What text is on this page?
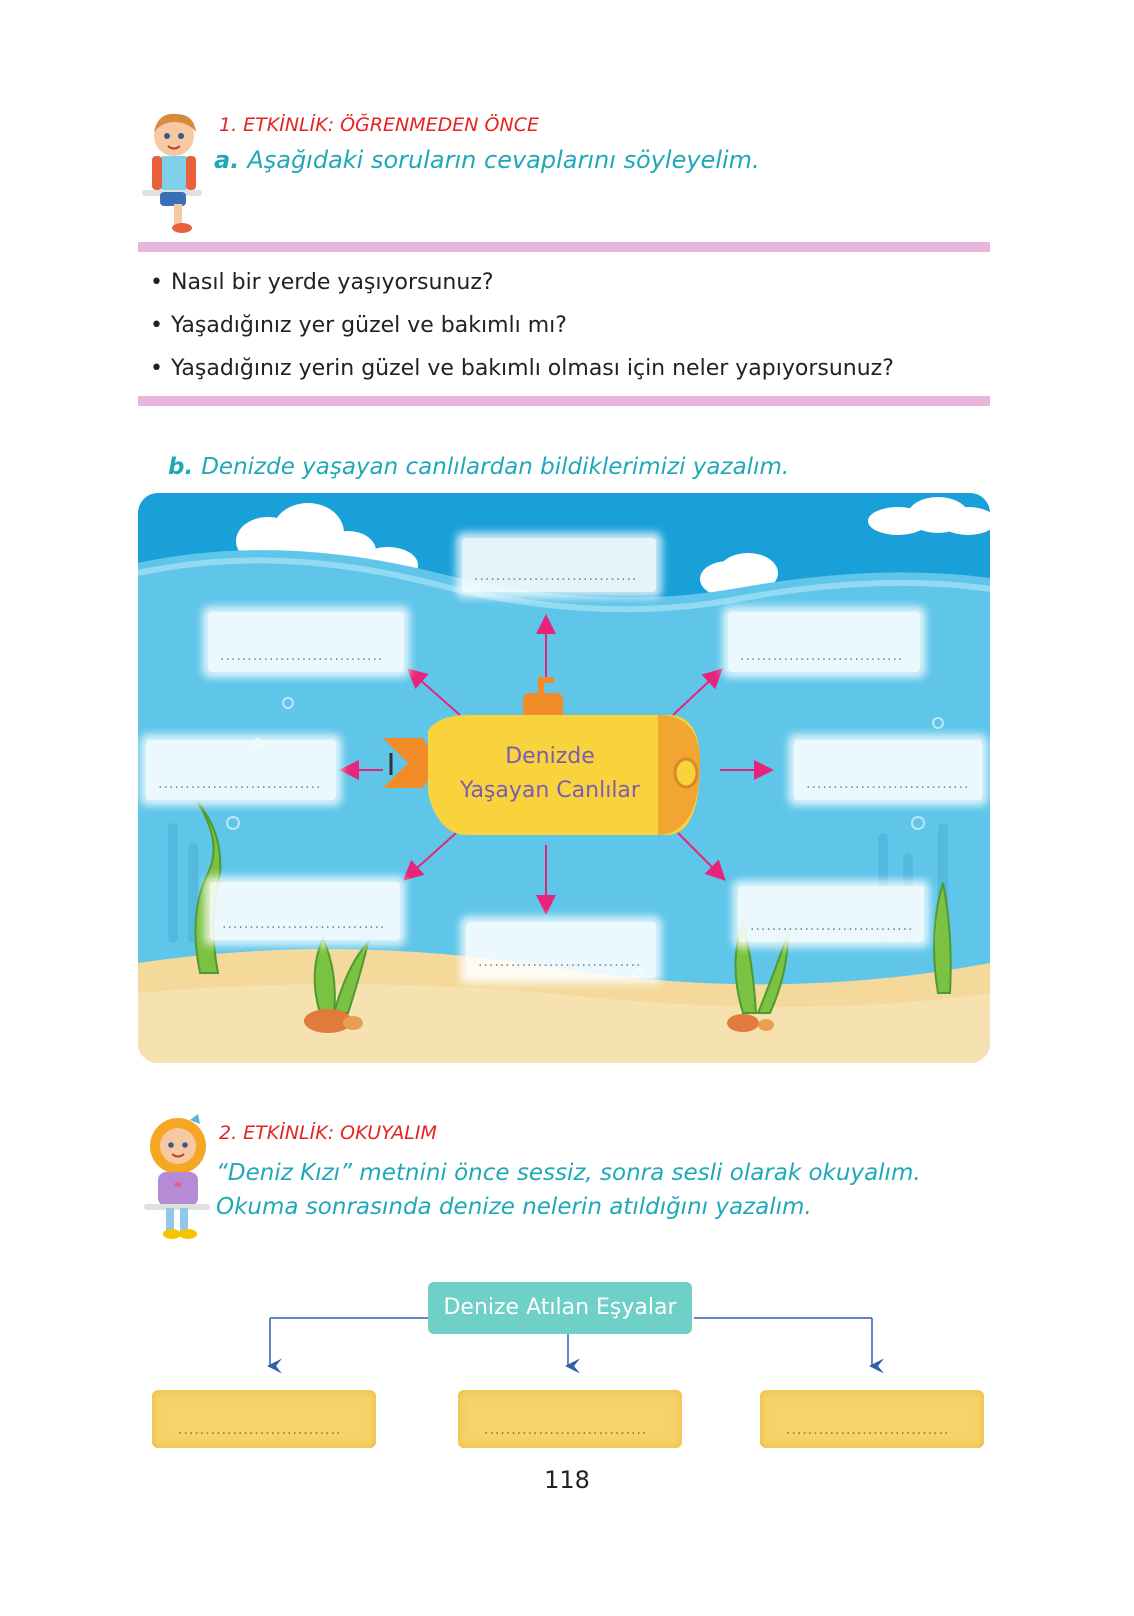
1. ETKİNLİK: ÖĞRENMEDEN ÖNCE
a. Aşağıdaki soruların cevaplarını söyleyelim.
• Nasıl bir yerde yaşıyorsunuz?
• Yaşadığınız yer güzel ve bakımlı mı?
• Yaşadığınız yerin güzel ve bakımlı olması için neler yapıyorsunuz?
b. Denizde yaşayan canlılardan bildiklerimizi yazalım.
Denizde
Yaşayan Canlılar
..............................
..............................	..............................
..............................	..............................
..............................	..............................
..............................
2. ETKİNLİK: OKUYALIM
“Deniz Kızı” metnini önce sessiz, sonra sesli olarak okuyalım. Okuma sonrasında denize nelerin atıldığını yazalım.
Denize Atılan Eşyalar
..............................	..............................	..............................
118
